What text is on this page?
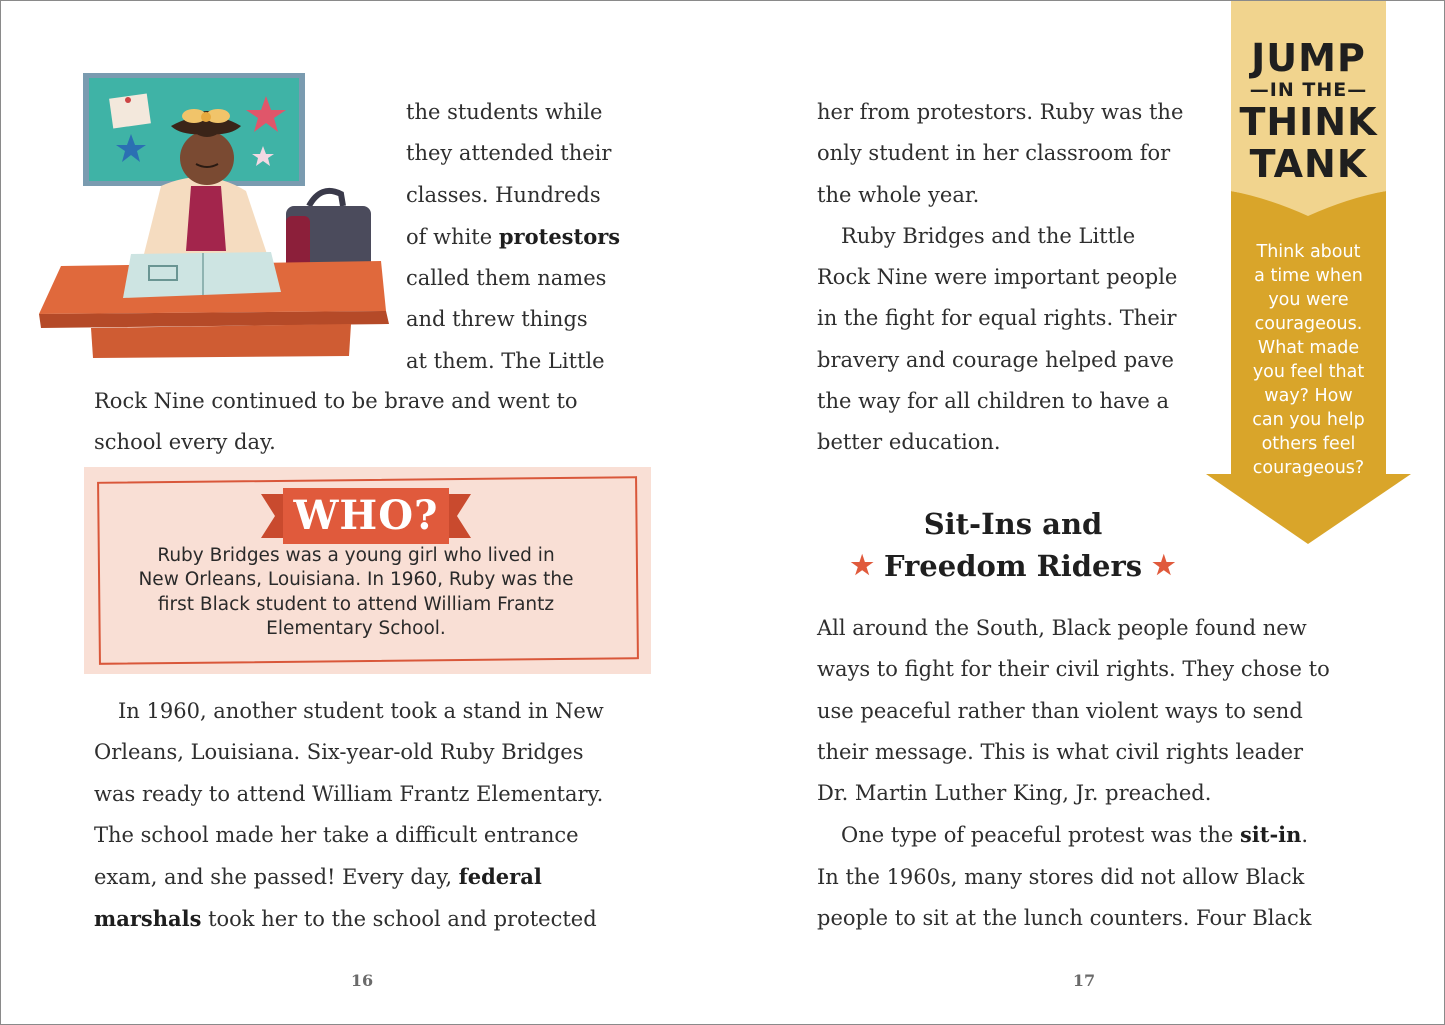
the students while
they attended their
classes. Hundreds
of white protestors
called them names
and threw things
at them. The Little
Rock Nine continued to be brave and went to
school every day.
WHO?
Ruby Bridges was a young girl who lived in
New Orleans, Louisiana. In 1960, Ruby was the
first Black student to attend William Frantz
Elementary School.
In 1960, another student took a stand in New
Orleans, Louisiana. Six-year-old Ruby Bridges
was ready to attend William Frantz Elementary.
The school made her take a difficult entrance
exam, and she passed! Every day, federal
marshals took her to the school and protected
16
her from protestors. Ruby was the
only student in her classroom for
the whole year.
Ruby Bridges and the Little
Rock Nine were important people
in the fight for equal rights. Their
bravery and courage helped pave
the way for all children to have a
better education.
JUMP
—IN THE—
THINK
TANK
Think about
a time when
you were
courageous.
What made
you feel that
way? How
can you help
others feel
courageous?
Sit-Ins and
★ Freedom Riders ★
All around the South, Black people found new
ways to fight for their civil rights. They chose to
use peaceful rather than violent ways to send
their message. This is what civil rights leader
Dr. Martin Luther King, Jr. preached.
One type of peaceful protest was the sit-in.
In the 1960s, many stores did not allow Black
people to sit at the lunch counters. Four Black
17
